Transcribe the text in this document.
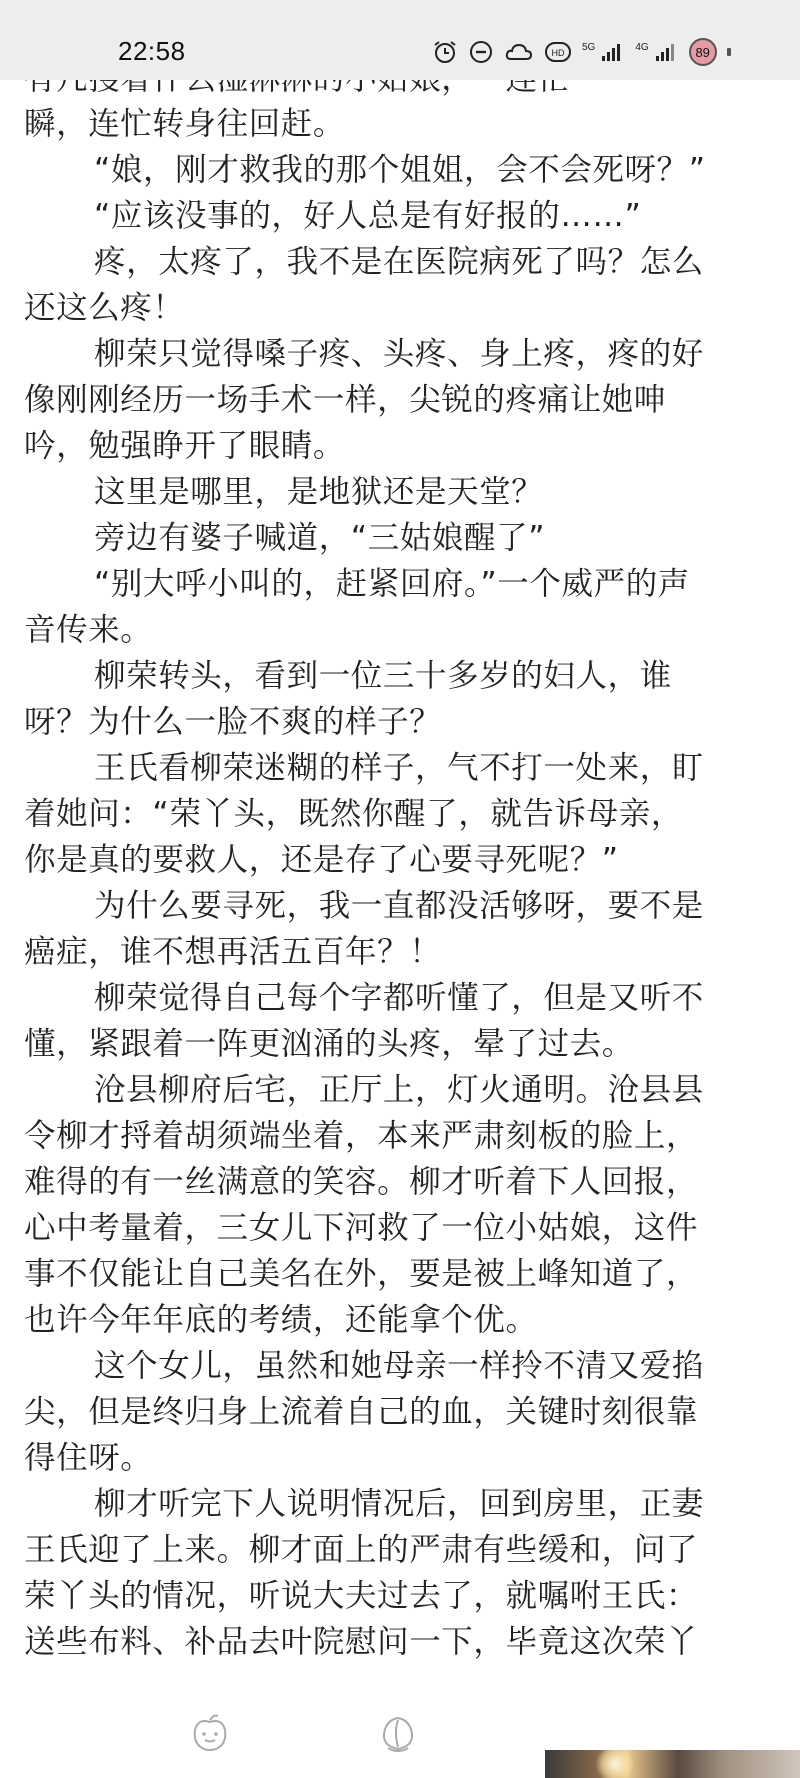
22:58	HD
5G	4G	89
瞬，连忙转身往回赶。
“娘，刚才救我的那个姐姐，会不会死呀？”
“应该没事的，好人总是有好报的……”
疼，太疼了，我不是在医院病死了吗？怎么
还这么疼！
柳荣只觉得嗓子疼、头疼、身上疼，疼的好
像刚刚经历一场手术一样，尖锐的疼痛让她呻
吟，勉强睁开了眼睛。
这里是哪里，是地狱还是天堂？
旁边有婆子喊道，“三姑娘醒了”
“别大呼小叫的，赶紧回府。”一个威严的声
音传来。
柳荣转头，看到一位三十多岁的妇人，谁
呀？为什么一脸不爽的样子？
王氏看柳荣迷糊的样子，气不打一处来，盯
着她问：“荣丫头，既然你醒了，就告诉母亲，
你是真的要救人，还是存了心要寻死呢？”
为什么要寻死，我一直都没活够呀，要不是
癌症，谁不想再活五百年？！
柳荣觉得自己每个字都听懂了，但是又听不
懂，紧跟着一阵更汹涌的头疼，晕了过去。
沧县柳府后宅，正厅上，灯火通明。沧县县
令柳才捋着胡须端坐着，本来严肃刻板的脸上，
难得的有一丝满意的笑容。柳才听着下人回报，
心中考量着，三女儿下河救了一位小姑娘，这件
事不仅能让自己美名在外，要是被上峰知道了，
也许今年年底的考绩，还能拿个优。
这个女儿，虽然和她母亲一样拎不清又爱掐
尖，但是终归身上流着自己的血，关键时刻很靠
得住呀。
柳才听完下人说明情况后，回到房里，正妻
王氏迎了上来。柳才面上的严肃有些缓和，问了
荣丫头的情况，听说大夫过去了，就嘱咐王氏：
送些布料、补品去叶院慰问一下，毕竟这次荣丫
